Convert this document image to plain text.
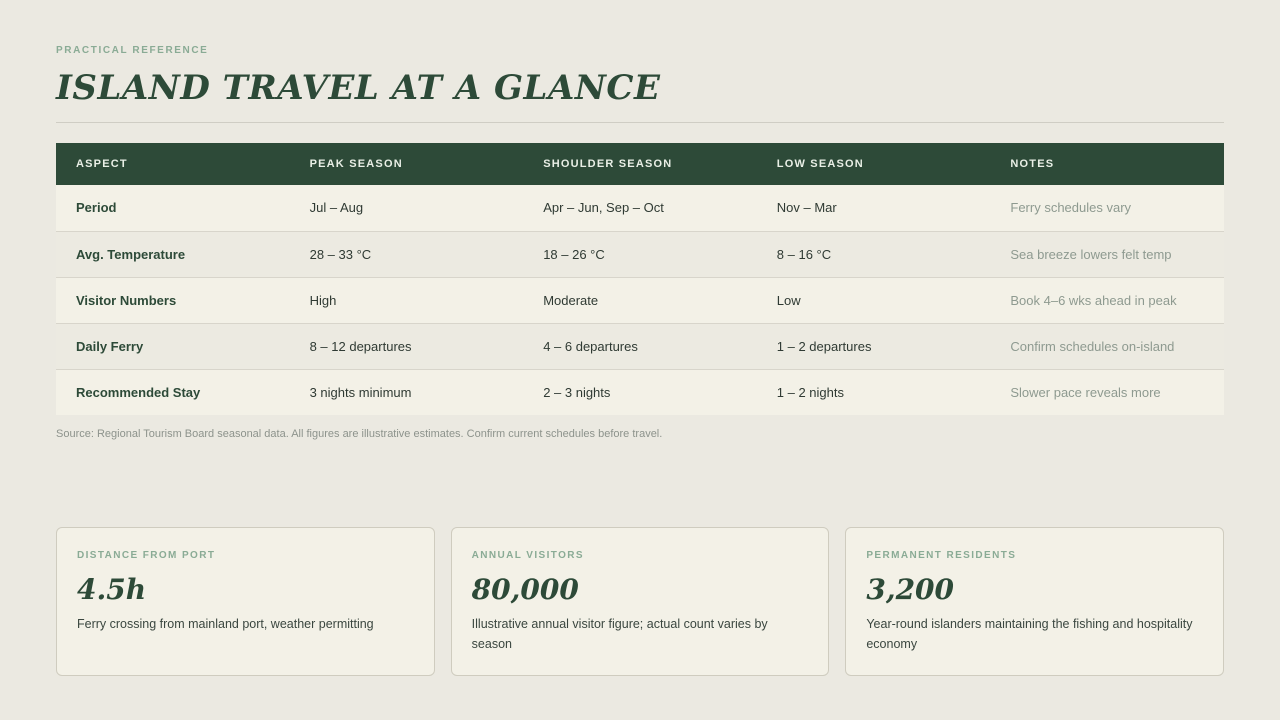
PRACTICAL REFERENCE
ISLAND TRAVEL AT A GLANCE
ASPECT	PEAK SEASON	SHOULDER SEASON	LOW SEASON	NOTES
Period	Jul – Aug	Apr – Jun, Sep – Oct	Nov – Mar	Ferry schedules vary
Avg. Temperature	28 – 33 °C	18 – 26 °C	8 – 16 °C	Sea breeze lowers felt temp
Visitor Numbers	High	Moderate	Low	Book 4–6 wks ahead in peak
Daily Ferry	8 – 12 departures	4 – 6 departures	1 – 2 departures	Confirm schedules on-island
Recommended Stay	3 nights minimum	2 – 3 nights	1 – 2 nights	Slower pace reveals more
Source: Regional Tourism Board seasonal data. All figures are illustrative estimates. Confirm current schedules before travel.
DISTANCE FROM PORT
4.5h
Ferry crossing from mainland port, weather permitting
ANNUAL VISITORS
80,000
Illustrative annual visitor figure; actual count varies by season
PERMANENT RESIDENTS
3,200
Year-round islanders maintaining the fishing and hospitality economy
